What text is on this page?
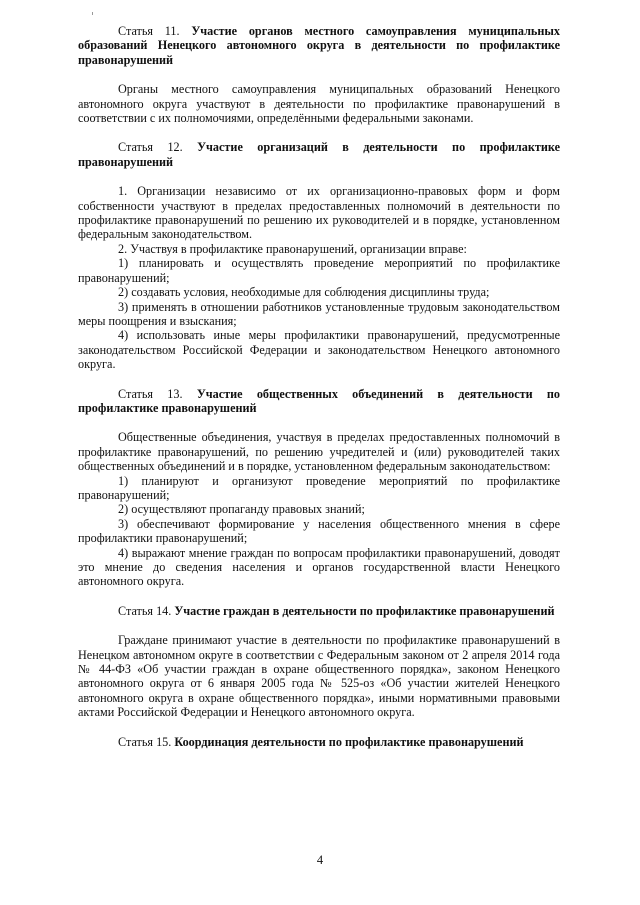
Статья 11. Участие органов местного самоуправления муниципальных образований Ненецкого автономного округа в деятельности по профилактике правонарушений

Органы местного самоуправления муниципальных образований Ненецкого автономного округа участвуют в деятельности по профилактике правонарушений в соответствии с их полномочиями, определёнными федеральными законами.

Статья 12. Участие организаций в деятельности по профилактике правонарушений

1. Организации независимо от их организационно-правовых форм и форм собственности участвуют в пределах предоставленных полномочий в деятельности по профилактике правонарушений по решению их руководителей и в порядке, установленном федеральным законодательством.

2. Участвуя в профилактике правонарушений, организации вправе:

1) планировать и осуществлять проведение мероприятий по профилактике правонарушений;

2) создавать условия, необходимые для соблюдения дисциплины труда;

3) применять в отношении работников установленные трудовым законодательством меры поощрения и взыскания;

4) использовать иные меры профилактики правонарушений, предусмотренные законодательством Российской Федерации и законодательством Ненецкого автономного округа.

Статья 13. Участие общественных объединений в деятельности по профилактике правонарушений

Общественные объединения, участвуя в пределах предоставленных полномочий в профилактике правонарушений, по решению учредителей и (или) руководителей таких общественных объединений и в порядке, установленном федеральным законодательством:

1) планируют и организуют проведение мероприятий по профилактике правонарушений;

2) осуществляют пропаганду правовых знаний;

3) обеспечивают формирование у населения общественного мнения в сфере профилактики правонарушений;

4) выражают мнение граждан по вопросам профилактики правонарушений, доводят это мнение до сведения населения и органов государственной власти Ненецкого автономного округа.

Статья 14. Участие граждан в деятельности по профилактике правонарушений

Граждане принимают участие в деятельности по профилактике правонарушений в Ненецком автономном округе в соответствии с Федеральным законом от 2 апреля 2014 года № 44-ФЗ «Об участии граждан в охране общественного порядка», законом Ненецкого автономного округа от 6 января 2005 года № 525-оз «Об участии жителей Ненецкого автономного округа в охране общественного порядка», иными нормативными правовыми актами Российской Федерации и Ненецкого автономного округа.

Статья 15. Координация деятельности по профилактике правонарушений

4
